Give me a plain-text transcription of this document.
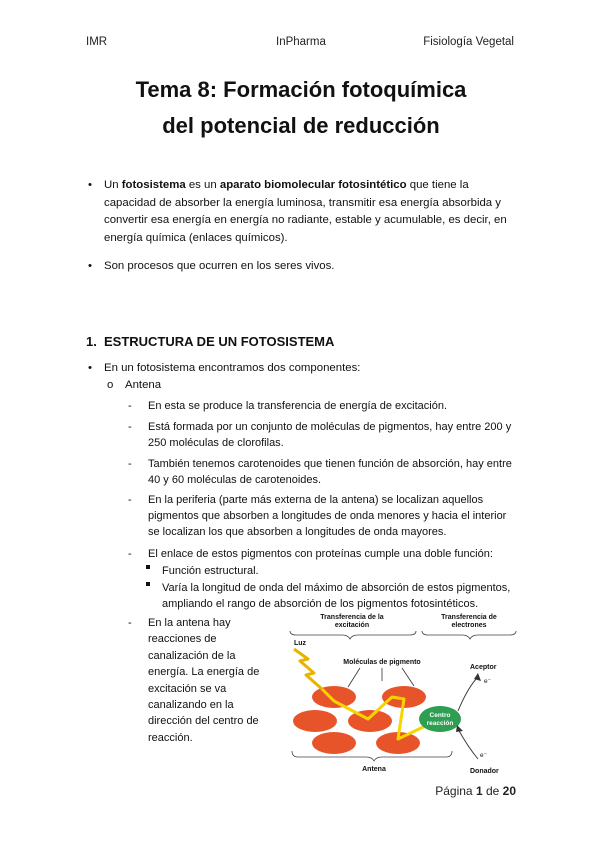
IMR	InPharma	Fisiología Vegetal
Tema 8: Formación fotoquímica
del potencial de reducción
• Un fotosistema es un aparato biomolecular fotosintético que tiene la capacidad de absorber la energía luminosa, transmitir esa energía absorbida y convertir esa energía en energía no radiante, estable y acumulable, es decir, en energía química (enlaces químicos).
• Son procesos que ocurren en los seres vivos.
1. ESTRUCTURA DE UN FOTOSISTEMA
• En un fotosistema encontramos dos componentes:
o Antena
- En esta se produce la transferencia de energía de excitación.
- Está formada por un conjunto de moléculas de pigmentos, hay entre 200 y 250 moléculas de clorofilas.
- También tenemos carotenoides que tienen función de absorción, hay entre 40 y 60 moléculas de carotenoides.
- En la periferia (parte más externa de la antena) se localizan aquellos pigmentos que absorben a longitudes de onda menores y hacia el interior se localizan los que absorben a longitudes de onda mayores.
- El enlace de estos pigmentos con proteínas cumple una doble función:
Función estructural.
Varía la longitud de onda del máximo de absorción de estos pigmentos, ampliando el rango de absorción de los pigmentos fotosintéticos.
- En la antena hay reacciones de canalización de la energía. La energía de excitación se va canalizando en la dirección del centro de reacción.
Transferencia de la
excitación
Transferencia de
electrones
Luz
Moléculas de pigmento
Aceptor
Antena	Donador
Centro
reacción
e⁻
e⁻
Página 1 de 20
